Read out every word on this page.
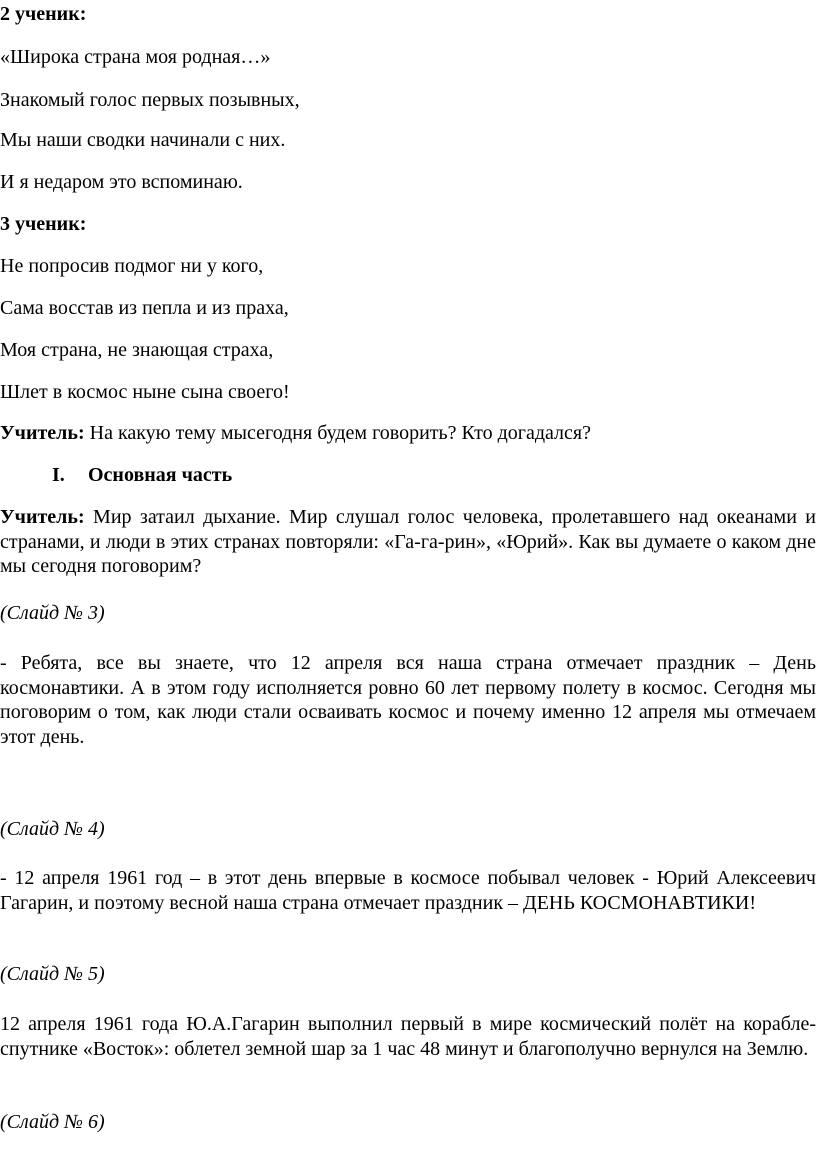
2 ученик:

«Широка страна моя родная…»

Знакомый голос первых позывных,

Мы наши сводки начинали с них.

И я недаром это вспоминаю.

3 ученик:

Не попросив подмог ни у кого,

Сама восстав из пепла и из праха,

Моя страна, не знающая страха,

Шлет в космос ныне сына своего!

Учитель: На какую тему мысегодня будем говорить? Кто догадался?

I. Основная часть

Учитель: Мир затаил дыхание. Мир слушал голос человека, пролетавшего над океанами и странами, и люди в этих странах повторяли: «Га-га-рин», «Юрий». Как вы думаете о каком дне мы сегодня поговорим?

(Слайд № 3)

- Ребята, все вы знаете, что 12 апреля вся наша страна отмечает праздник – День космонавтики. А в этом году исполняется ровно 60 лет первому полету в космос. Сегодня мы поговорим о том, как люди стали осваивать космос и почему именно 12 апреля мы отмечаем этот день.

(Слайд № 4)

- 12 апреля 1961 год – в этот день впервые в космосе побывал человек - Юрий Алексеевич Гагарин, и поэтому весной наша страна отмечает праздник – ДЕНЬ КОСМОНАВТИКИ!

(Слайд № 5)

12 апреля 1961 года Ю.А.Гагарин выполнил первый в мире космический полёт на корабле-спутнике «Восток»: облетел земной шар за 1 час 48 минут и благополучно вернулся на Землю.

(Слайд № 6)
